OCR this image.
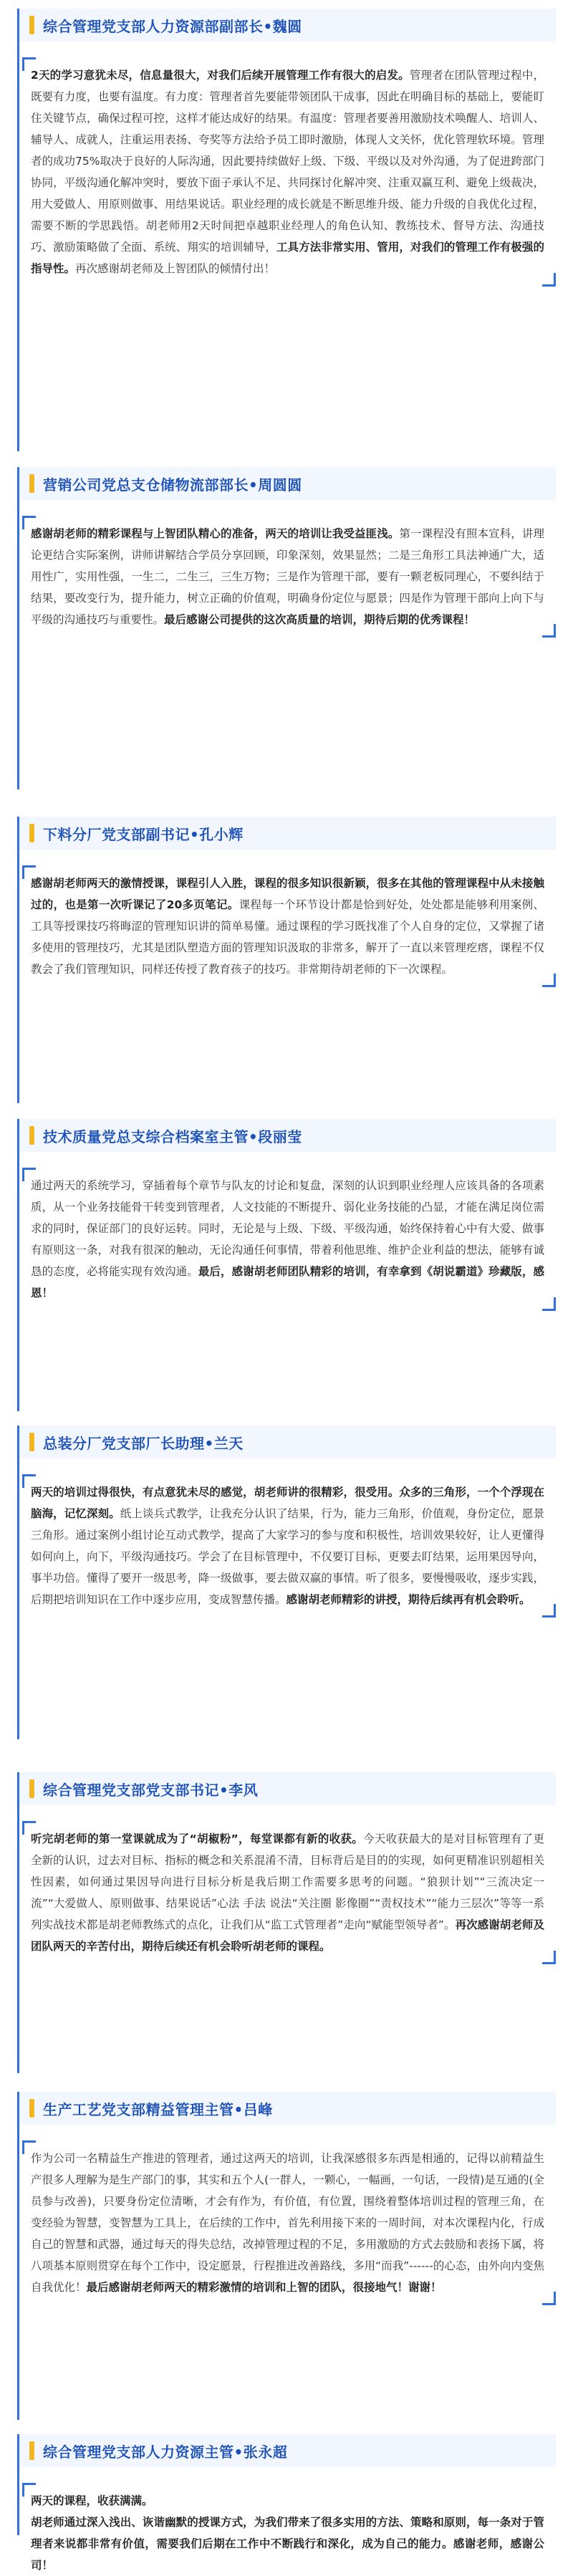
综合管理党支部人力资源部副部长•魏圆
2天的学习意犹未尽，信息量很大，对我们后续开展管理工作有很大的启发。管理者在团队管理过程中，既要有力度，也要有温度。有力度：管理者首先要能带领团队干成事，因此在明确目标的基础上，要能盯住关键节点，确保过程可控，这样才能达成好的结果。有温度：管理者要善用激励技术唤醒人、培训人、辅导人、成就人，注重运用表扬、夸奖等方法给予员工即时激励，体现人文关怀，优化管理软环境。管理者的成功75%取决于良好的人际沟通，因此要持续做好上级、下级、平级以及对外沟通，为了促进跨部门协同，平级沟通化解冲突时，要放下面子承认不足、共同探讨化解冲突、注重双赢互利、避免上级裁决，用大爱做人、用原则做事、用结果说话。职业经理的成长就是不断思维升级、能力升级的自我优化过程，需要不断的学思践悟。胡老师用2天时间把卓越职业经理人的角色认知、教练技术、督导方法、沟通技巧、激励策略做了全面、系统、翔实的培训辅导，工具方法非常实用、管用，对我们的管理工作有极强的指导性。再次感谢胡老师及上智团队的倾情付出！
营销公司党总支仓储物流部部长•周圆圆
感谢胡老师的精彩课程与上智团队精心的准备，两天的培训让我受益匪浅。第一课程没有照本宣科，讲理论更结合实际案例，讲师讲解结合学员分享回顾，印象深刻，效果显然；二是三角形工具法神通广大，适用性广，实用性强，一生二，二生三，三生万物；三是作为管理干部，要有一颗老板同理心，不要纠结于结果，要改变行为，提升能力，树立正确的价值观，明确身份定位与愿景；四是作为管理干部向上向下与平级的沟通技巧与重要性。最后感谢公司提供的这次高质量的培训，期待后期的优秀课程！
下料分厂党支部副书记•孔小辉
感谢胡老师两天的激情授课，课程引人入胜，课程的很多知识很新颖，很多在其他的管理课程中从未接触过的，也是第一次听课记了20多页笔记。课程每一个环节设计都是恰到好处，处处都是能够利用案例、工具等授课技巧将晦涩的管理知识讲的简单易懂。通过课程的学习既找准了个人自身的定位，又掌握了诸多使用的管理技巧，尤其是团队塑造方面的管理知识汲取的非常多，解开了一直以来管理疙瘩，课程不仅教会了我们管理知识，同样还传授了教育孩子的技巧。非常期待胡老师的下一次课程。
技术质量党总支综合档案室主管•段丽莹
通过两天的系统学习，穿插着每个章节与队友的讨论和复盘，深刻的认识到职业经理人应该具备的各项素质，从一个业务技能骨干转变到管理者，人文技能的不断提升、弱化业务技能的凸显，才能在满足岗位需求的同时，保证部门的良好运转。同时，无论是与上级、下级、平级沟通，始终保持着心中有大爱、做事有原则这一条，对我有很深的触动，无论沟通任何事情，带着利他思维、维护企业利益的想法，能够有诚恳的态度，必将能实现有效沟通。最后，感谢胡老师团队精彩的培训，有幸拿到《胡说霸道》珍藏版，感恩！
总装分厂党支部厂长助理•兰天
两天的培训过得很快，有点意犹未尽的感觉，胡老师讲的很精彩，很受用。众多的三角形，一个个浮现在脑海，记忆深刻。纸上谈兵式教学，让我充分认识了结果，行为，能力三角形，价值观，身份定位，愿景三角形。通过案例小组讨论互动式教学，提高了大家学习的参与度和积极性，培训效果较好，让人更懂得如何向上，向下，平级沟通技巧。学会了在目标管理中，不仅要订目标，更要去盯结果，运用果因导向，事半功倍。懂得了要开一级思考，降一级做事，要去做双赢的事情。听了很多，要慢慢吸收，逐步实践，后期把培训知识在工作中逐步应用，变成智慧传播。感谢胡老师精彩的讲授，期待后续再有机会聆听。
综合管理党支部党支部书记•李风
听完胡老师的第一堂课就成为了“胡椒粉”，每堂课都有新的收获。今天收获最大的是对目标管理有了更全新的认识，过去对目标、指标的概念和关系混淆不清，目标背后是目的的实现，如何更精准识别超相关性因素，如何通过果因导向进行目标分析是我后期工作需要多思考的问题。“狼狈计划”“三流决定一流”“大爱做人、原则做事、结果说话”心法 手法 说法“关注圈 影像圈”“责权技术”“能力三层次”等等一系列实战技术都是胡老师教练式的点化，让我们从“监工式管理者”走向“赋能型领导者”。再次感谢胡老师及团队两天的辛苦付出，期待后续还有机会聆听胡老师的课程。
生产工艺党支部精益管理主管•吕峰
作为公司一名精益生产推进的管理者，通过这两天的培训，让我深感很多东西是相通的，记得以前精益生产很多人理解为是生产部门的事，其实和五个人(一群人，一颗心，一幅画，一句话，一段情)是互通的(全员参与改善)，只要身份定位清晰，才会有作为，有价值，有位置，围绕着整体培训过程的管理三角，在变经验为智慧，变智慧为工具上，在后续的工作中，首先利用接下来的一周时间，对本次课程内化，行成自己的智慧和武器，通过每天的得失总结，改掉管理过程的不足，多用激励的方式去鼓励和表扬下属，将八项基本原则贯穿在每个工作中，设定愿景，行程推进改善路线，多用“而我”------的心态，由外向内变焦自我优化！最后感谢胡老师两天的精彩激情的培训和上智的团队，很接地气！谢谢！
综合管理党支部人力资源主管•张永超
两天的课程，收获满满。
胡老师通过深入浅出、诙谐幽默的授课方式，为我们带来了很多实用的方法、策略和原则，每一条对于管理者来说都非常有价值，需要我们后期在工作中不断践行和深化，成为自己的能力。感谢老师，感谢公司！
